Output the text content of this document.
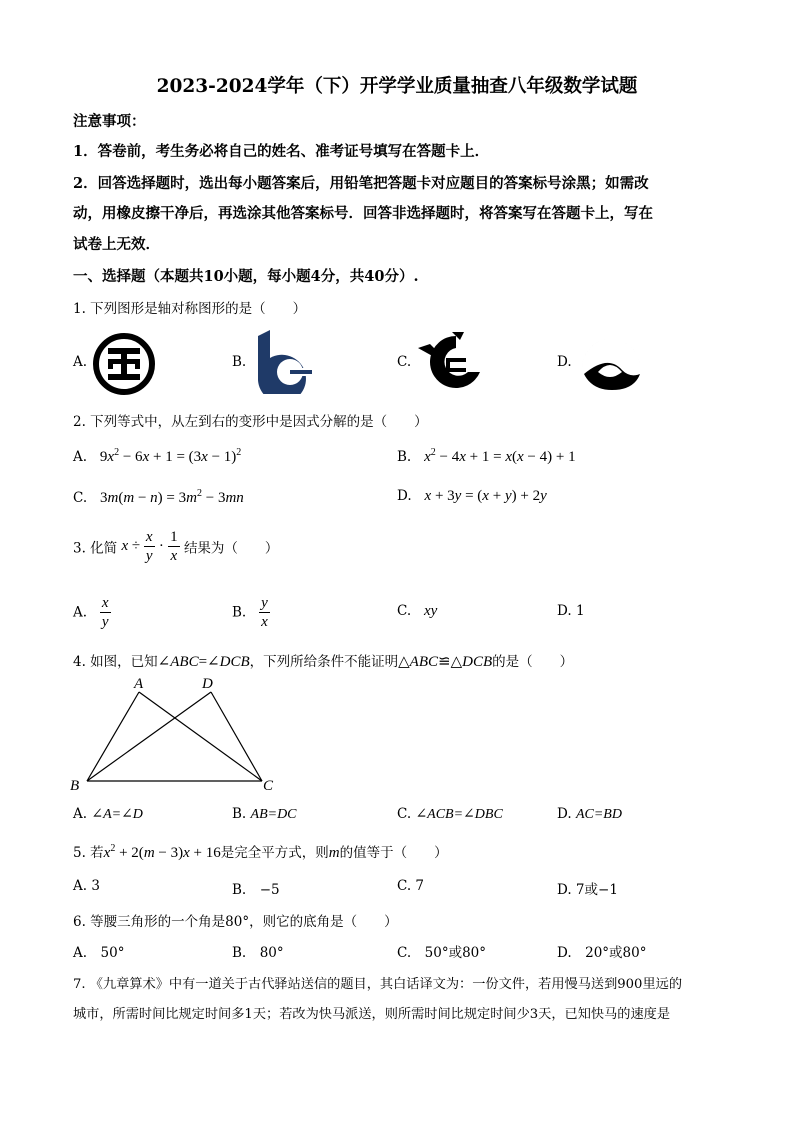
2023-2024学年（下）开学学业质量抽查八年级数学试题
注意事项：
1．答卷前，考生务必将自己的姓名、准考证号填写在答题卡上．
2．回答选择题时，选出每小题答案后，用铅笔把答题卡对应题目的答案标号涂黑；如需改
动，用橡皮擦干净后，再选涂其他答案标号．回答非选择题时，将答案写在答题卡上，写在
试卷上无效．
一、选择题（本题共10小题，每小题4分，共40分）.
1. 下列图形是轴对称图形的是（　　）
A.	B.	C.	D.
2. 下列等式中，从左到右的变形中是因式分解的是（　　）
A. $9x^2 - 6x + 1 = (3x - 1)^2$	B. $x^2 - 4x + 1 = x(x - 4) + 1$
C. $3m(m - n) = 3m^2 - 3mn$	D. x + 3y = (x + y) + 2y
3. 化简 $x \div \frac{x}{y} \cdot \frac{1}{x}$ 结果为（　　）
A. $\frac{x}{y}$	B. $\frac{y}{x}$	C. xy	D. 1
4. 如图，已知∠ABC=∠DCB，下列所给条件不能证明△ABC≌△DCB的是（　　）
A	D
B	C
A. ∠A=∠D	B. AB=DC	C. ∠ACB=∠DBC	D. AC=BD
5. 若$x^2 + 2(m - 3)x + 16$是完全平方式，则m的值等于（　　）
A. 3	B.　−5	C. 7	D. 7或−1
6. 等腰三角形的一个角是80°，则它的底角是（　　）
A.　50°	B.　80°	C.　50°或80°	D.　20°或80°
7. 《九章算术》中有一道关于古代驿站送信的题目，其白话译文为：一份文件，若用慢马送到900里远的
城市，所需时间比规定时间多1天；若改为快马派送，则所需时间比规定时间少3天，已知快马的速度是
